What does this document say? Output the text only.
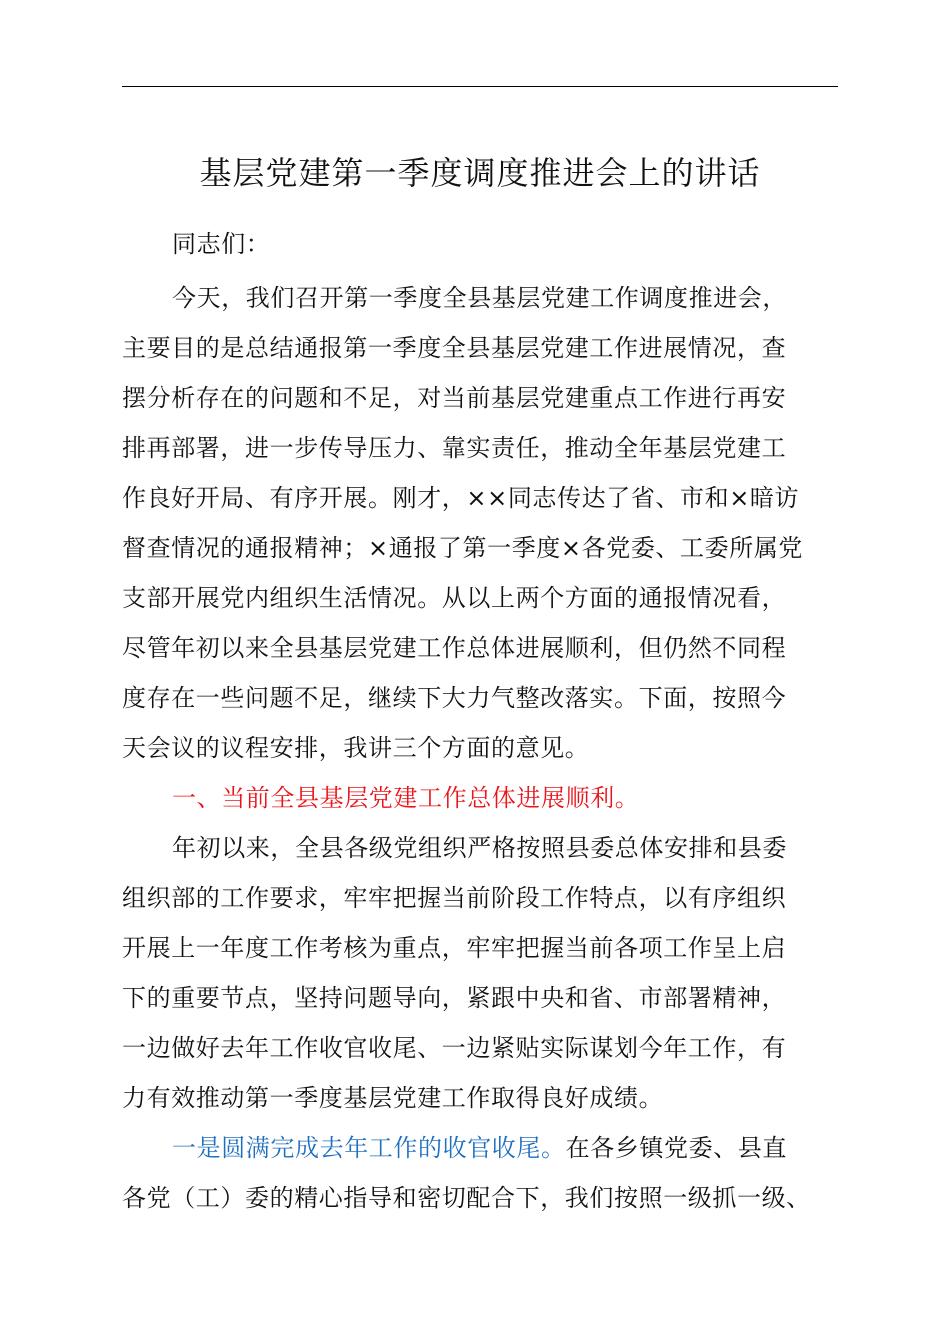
基层党建第一季度调度推进会上的讲话
同志们：
今天，我们召开第一季度全县基层党建工作调度推进会，
主要目的是总结通报第一季度全县基层党建工作进展情况，查
摆分析存在的问题和不足，对当前基层党建重点工作进行再安
排再部署，进一步传导压力、靠实责任，推动全年基层党建工
作良好开局、有序开展。刚才，××同志传达了省、市和×暗访
督查情况的通报精神；×通报了第一季度×各党委、工委所属党
支部开展党内组织生活情况。从以上两个方面的通报情况看，
尽管年初以来全县基层党建工作总体进展顺利，但仍然不同程
度存在一些问题不足，继续下大力气整改落实。下面，按照今
天会议的议程安排，我讲三个方面的意见。
一、当前全县基层党建工作总体进展顺利。
年初以来，全县各级党组织严格按照县委总体安排和县委
组织部的工作要求，牢牢把握当前阶段工作特点，以有序组织
开展上一年度工作考核为重点，牢牢把握当前各项工作呈上启
下的重要节点，坚持问题导向，紧跟中央和省、市部署精神，
一边做好去年工作收官收尾、一边紧贴实际谋划今年工作，有
力有效推动第一季度基层党建工作取得良好成绩。
一是圆满完成去年工作的收官收尾。在各乡镇党委、县直
各党（工）委的精心指导和密切配合下，我们按照一级抓一级、
